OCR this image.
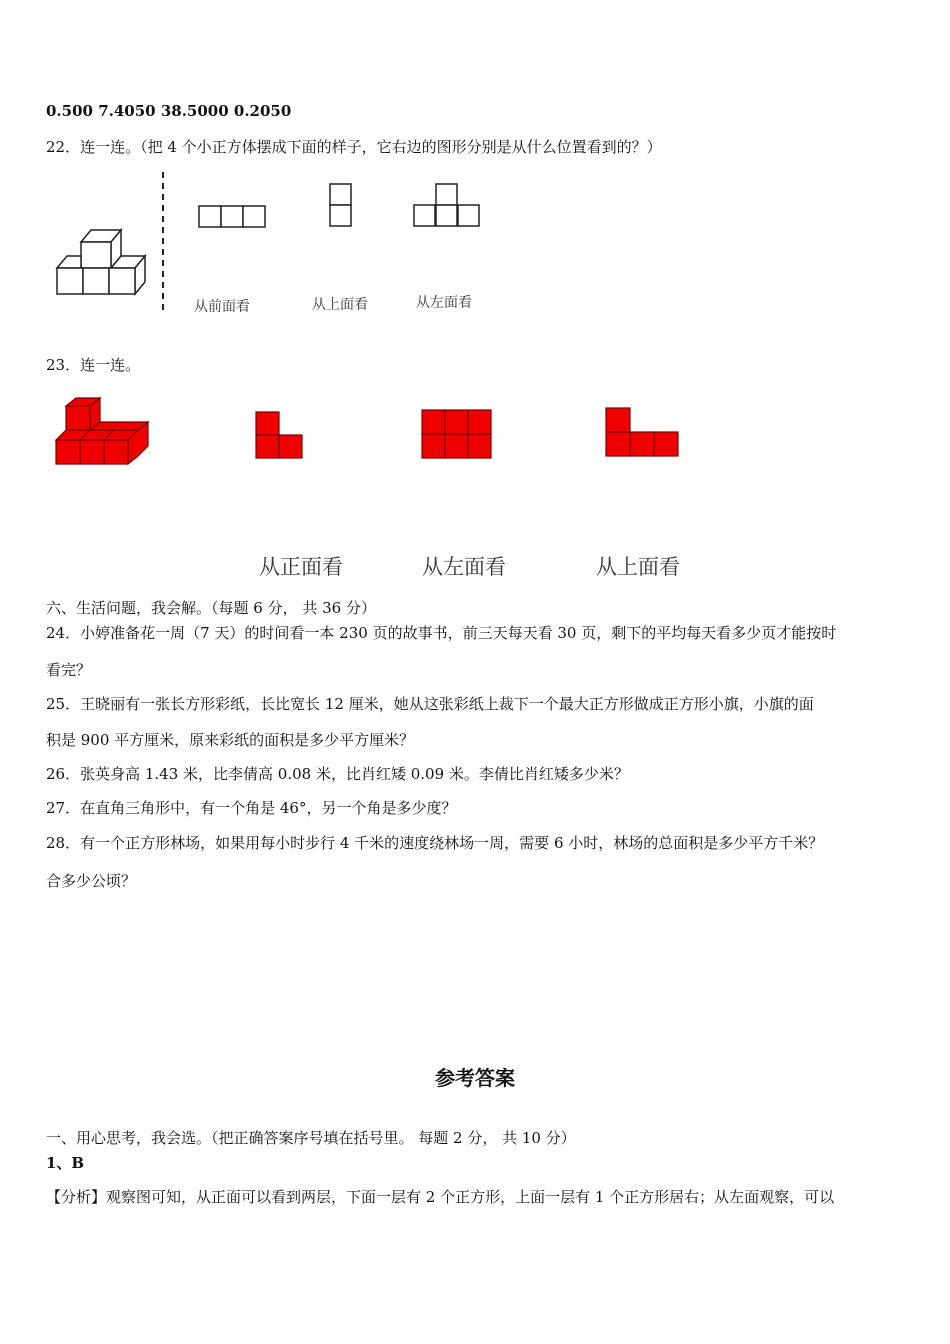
0.500 7.4050 38.5000 0.2050
22．连一连。（把 4 个小正方体摆成下面的样子，它右边的图形分别是从什么位置看到的？）
从前面看	从上面看	从左面看
23．连一连。
从正面看	从左面看	从上面看
六、生活问题，我会解。（每题 6 分， 共 36 分）
24．小婷准备花一周（7 天）的时间看一本 230 页的故事书，前三天每天看 30 页，剩下的平均每天看多少页才能按时
看完？
25．王晓丽有一张长方形彩纸，长比宽长 12 厘米，她从这张彩纸上裁下一个最大正方形做成正方形小旗，小旗的面
积是 900 平方厘米，原来彩纸的面积是多少平方厘米？
26．张英身高 1.43 米，比李倩高 0.08 米，比肖红矮 0.09 米。李倩比肖红矮多少米？
27．在直角三角形中，有一个角是 46°，另一个角是多少度？
28．有一个正方形林场，如果用每小时步行 4 千米的速度绕林场一周，需要 6 小时，林场的总面积是多少平方千米？
合多少公顷？
参考答案
一、用心思考，我会选。（把正确答案序号填在括号里。 每题 2 分， 共 10 分）
1、B
【分析】观察图可知，从正面可以看到两层，下面一层有 2 个正方形，上面一层有 1 个正方形居右；从左面观察，可以
